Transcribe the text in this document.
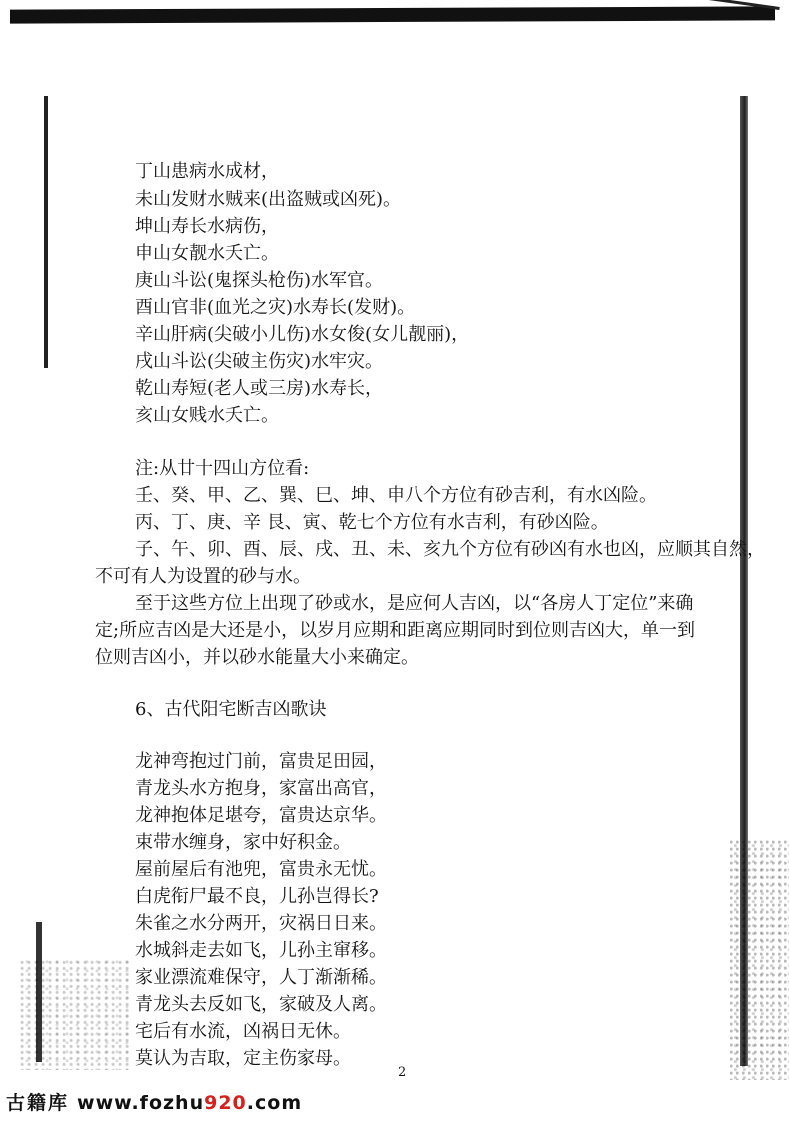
丁山患病水成材，
未山发财水贼来(出盗贼或凶死)。
坤山寿长水病伤，
申山女靓水夭亡。
庚山斗讼(鬼探头枪伤)水军官。
酉山官非(血光之灾)水寿长(发财)。
辛山肝病(尖破小儿伤)水女俊(女儿靓丽)，
戌山斗讼(尖破主伤灾)水牢灾。
乾山寿短(老人或三房)水寿长，
亥山女贱水夭亡。
注:从廿十四山方位看:
壬、癸、甲、乙、巽、巳、坤、申八个方位有砂吉利，有水凶险。
丙、丁、庚、辛 艮、寅、乾七个方位有水吉利，有砂凶险。
子、午、卯、酉、辰、戌、丑、未、亥九个方位有砂凶有水也凶，应顺其自然，
不可有人为设置的砂与水。
至于这些方位上出现了砂或水，是应何人吉凶，以“各房人丁定位”来确
定;所应吉凶是大还是小，以岁月应期和距离应期同时到位则吉凶大，单一到
位则吉凶小，并以砂水能量大小来确定。
6、古代阳宅断吉凶歌诀
龙神弯抱过门前，富贵足田园，
青龙头水方抱身，家富出高官，
龙神抱体足堪夸，富贵达京华。
束带水缠身，家中好积金。
屋前屋后有池兜，富贵永无忧。
白虎衔尸最不良，儿孙岂得长?
朱雀之水分两开，灾祸日日来。
水城斜走去如飞，儿孙主窜移。
家业漂流难保守，人丁渐渐稀。
青龙头去反如飞，家破及人离。
宅后有水流，凶祸日无休。
莫认为吉取，定主伤家母。
2
古籍库 www.fozhu920.com
